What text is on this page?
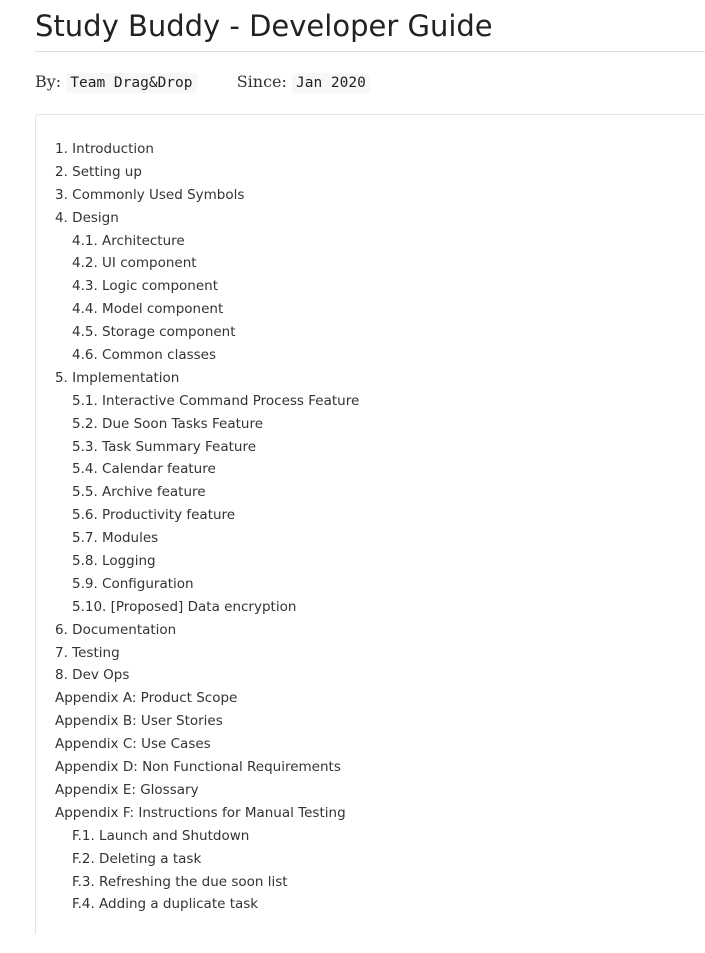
Study Buddy - Developer Guide
By: Team Drag&Drop	Since: Jan 2020
1. Introduction
2. Setting up
3. Commonly Used Symbols
4. Design
4.1. Architecture
4.2. UI component
4.3. Logic component
4.4. Model component
4.5. Storage component
4.6. Common classes
5. Implementation
5.1. Interactive Command Process Feature
5.2. Due Soon Tasks Feature
5.3. Task Summary Feature
5.4. Calendar feature
5.5. Archive feature
5.6. Productivity feature
5.7. Modules
5.8. Logging
5.9. Configuration
5.10. [Proposed] Data encryption
6. Documentation
7. Testing
8. Dev Ops
Appendix A: Product Scope
Appendix B: User Stories
Appendix C: Use Cases
Appendix D: Non Functional Requirements
Appendix E: Glossary
Appendix F: Instructions for Manual Testing
F.1. Launch and Shutdown
F.2. Deleting a task
F.3. Refreshing the due soon list
F.4. Adding a duplicate task
